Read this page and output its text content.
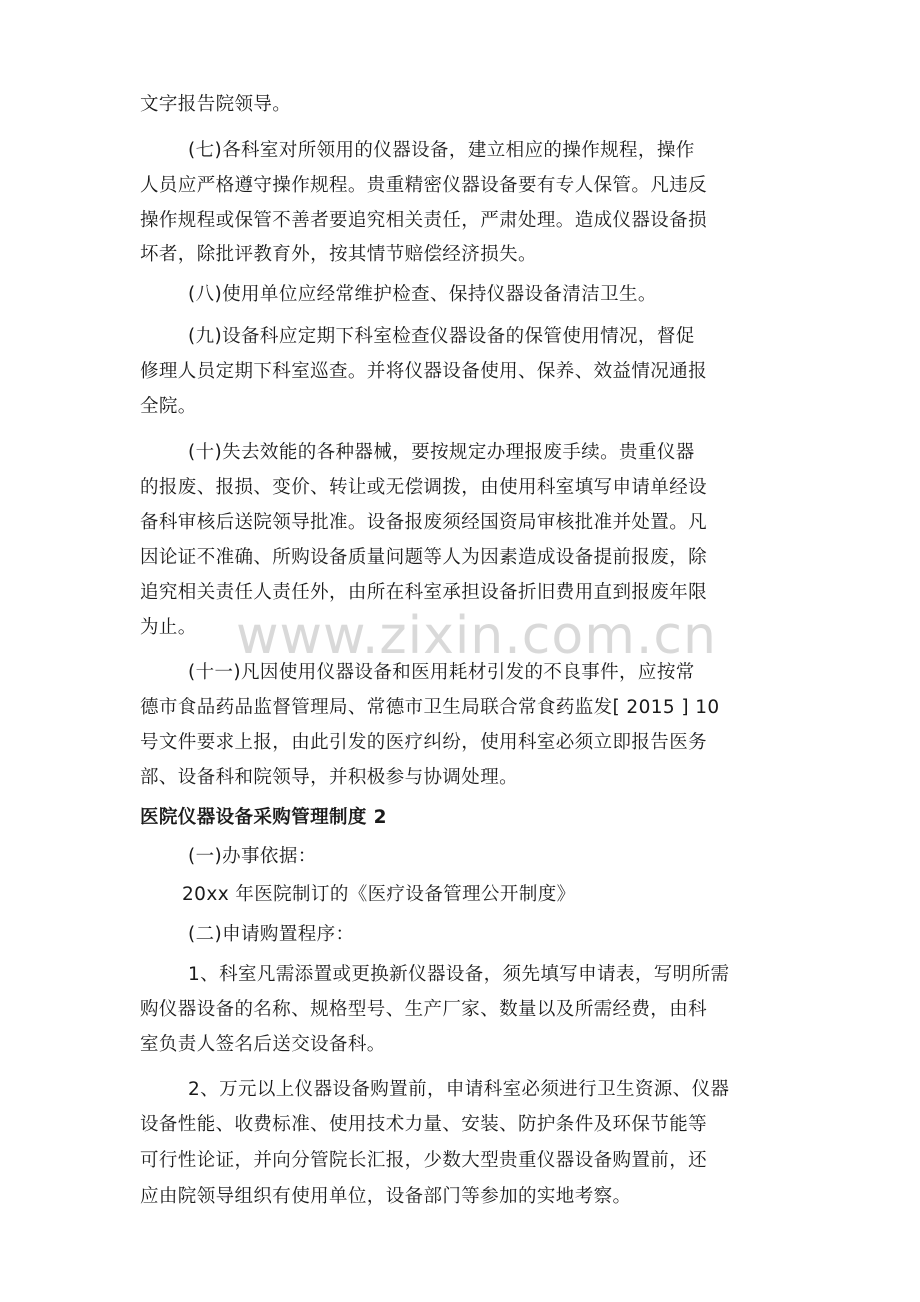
文字报告院领导。

(七)各科室对所领用的仪器设备，建立相应的操作规程，操作

人员应严格遵守操作规程。贵重精密仪器设备要有专人保管。凡违反

操作规程或保管不善者要追究相关责任，严肃处理。造成仪器设备损

坏者，除批评教育外，按其情节赔偿经济损失。

(八)使用单位应经常维护检查、保持仪器设备清洁卫生。

(九)设备科应定期下科室检查仪器设备的保管使用情况，督促

修理人员定期下科室巡查。并将仪器设备使用、保养、效益情况通报

全院。

(十)失去效能的各种器械，要按规定办理报废手续。贵重仪器

的报废、报损、变价、转让或无偿调拨，由使用科室填写申请单经设

备科审核后送院领导批准。设备报废须经国资局审核批准并处置。凡

因论证不准确、所购设备质量问题等人为因素造成设备提前报废，除

追究相关责任人责任外，由所在科室承担设备折旧费用直到报废年限

为止。

(十一)凡因使用仪器设备和医用耗材引发的不良事件，应按常

德市食品药品监督管理局、常德市卫生局联合常食药监发[ 2015 ] 10

号文件要求上报，由此引发的医疗纠纷，使用科室必须立即报告医务

部、设备科和院领导，并积极参与协调处理。

医院仪器设备采购管理制度 2

(一)办事依据：

20xx 年医院制订的《医疗设备管理公开制度》

(二)申请购置程序：

1、科室凡需添置或更换新仪器设备，须先填写申请表，写明所需

购仪器设备的名称、规格型号、生产厂家、数量以及所需经费，由科

室负责人签名后送交设备科。

2、万元以上仪器设备购置前，申请科室必须进行卫生资源、仪器

设备性能、收费标准、使用技术力量、安装、防护条件及环保节能等

可行性论证，并向分管院长汇报，少数大型贵重仪器设备购置前，还

应由院领导组织有使用单位，设备部门等参加的实地考察。

www.zixin.com.cn
